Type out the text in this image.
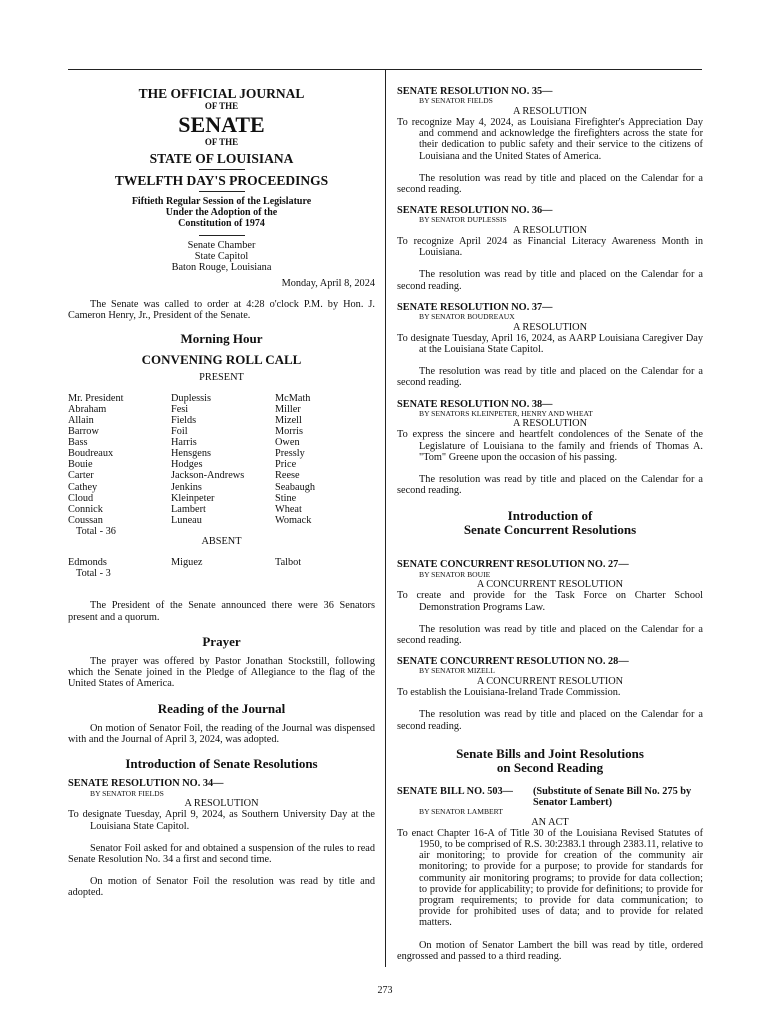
THE OFFICIAL JOURNAL
OF THE
SENATE
OF THE
STATE OF LOUISIANA
TWELFTH DAY'S PROCEEDINGS
Fiftieth Regular Session of the Legislature
Under the Adoption of the
Constitution of 1974
Senate Chamber
State Capitol
Baton Rouge, Louisiana
Monday, April 8, 2024

The Senate was called to order at 4:28 o'clock P.M. by Hon. J. Cameron Henry, Jr., President of the Senate.

Morning Hour
CONVENING ROLL CALL
PRESENT
Mr. President
Abraham
Allain
Barrow
Bass
Boudreaux
Bouie
Carter
Cathey
Cloud
Connick
Coussan
Total - 36
Duplessis
Fesi
Fields
Foil
Harris
Hensgens
Hodges
Jackson-Andrews
Jenkins
Kleinpeter
Lambert
Luneau
McMath
Miller
Mizell
Morris
Owen
Pressly
Price
Reese
Seabaugh
Stine
Wheat
Womack
ABSENT
Edmonds
Total - 3
Miguez	Talbot

The President of the Senate announced there were 36 Senators present and a quorum.

Prayer

The prayer was offered by Pastor Jonathan Stockstill, following which the Senate joined in the Pledge of Allegiance to the flag of the United States of America.

Reading of the Journal

On motion of Senator Foil, the reading of the Journal was dispensed with and the Journal of April 3, 2024, was adopted.

Introduction of Senate Resolutions
SENATE RESOLUTION NO. 34—
BY SENATOR FIELDS
A RESOLUTION

To designate Tuesday, April 9, 2024, as Southern University Day at the Louisiana State Capitol.

Senator Foil asked for and obtained a suspension of the rules to read Senate Resolution No. 34 a first and second time.

On motion of Senator Foil the resolution was read by title and adopted.

SENATE RESOLUTION NO. 35—
BY SENATOR FIELDS
A RESOLUTION

To recognize May 4, 2024, as Louisiana Firefighter's Appreciation Day and commend and acknowledge the firefighters across the state for their dedication to public safety and their service to the citizens of Louisiana and the United States of America.

The resolution was read by title and placed on the Calendar for a second reading.

SENATE RESOLUTION NO. 36—
BY SENATOR DUPLESSIS
A RESOLUTION

To recognize April 2024 as Financial Literacy Awareness Month in Louisiana.

The resolution was read by title and placed on the Calendar for a second reading.

SENATE RESOLUTION NO. 37—
BY SENATOR BOUDREAUX
A RESOLUTION

To designate Tuesday, April 16, 2024, as AARP Louisiana Caregiver Day at the Louisiana State Capitol.

The resolution was read by title and placed on the Calendar for a second reading.

SENATE RESOLUTION NO. 38—
BY SENATORS KLEINPETER, HENRY AND WHEAT
A RESOLUTION

To express the sincere and heartfelt condolences of the Senate of the Legislature of Louisiana to the family and friends of Thomas A. "Tom" Greene upon the occasion of his passing.

The resolution was read by title and placed on the Calendar for a second reading.

Introduction of
Senate Concurrent Resolutions
SENATE CONCURRENT RESOLUTION NO. 27—
BY SENATOR BOUIE
A CONCURRENT RESOLUTION

To create and provide for the Task Force on Charter School Demonstration Programs Law.

The resolution was read by title and placed on the Calendar for a second reading.

SENATE CONCURRENT RESOLUTION NO. 28—
BY SENATOR MIZELL
A CONCURRENT RESOLUTION

To establish the Louisiana-Ireland Trade Commission.

The resolution was read by title and placed on the Calendar for a second reading.

Senate Bills and Joint Resolutions
on Second Reading
SENATE BILL NO. 503—	(Substitute of Senate Bill No. 275 by Senator Lambert)
BY SENATOR LAMBERT
AN ACT

To enact Chapter 16-A of Title 30 of the Louisiana Revised Statutes of 1950, to be comprised of R.S. 30:2383.1 through 2383.11, relative to air monitoring; to provide for creation of the community air monitoring; to provide for a purpose; to provide for standards for community air monitoring programs; to provide for data collection; to provide for applicability; to provide for definitions; to provide for program requirements; to provide for data communication; to provide for prohibited uses of data; and to provide for related matters.

On motion of Senator Lambert the bill was read by title, ordered engrossed and passed to a third reading.

273
